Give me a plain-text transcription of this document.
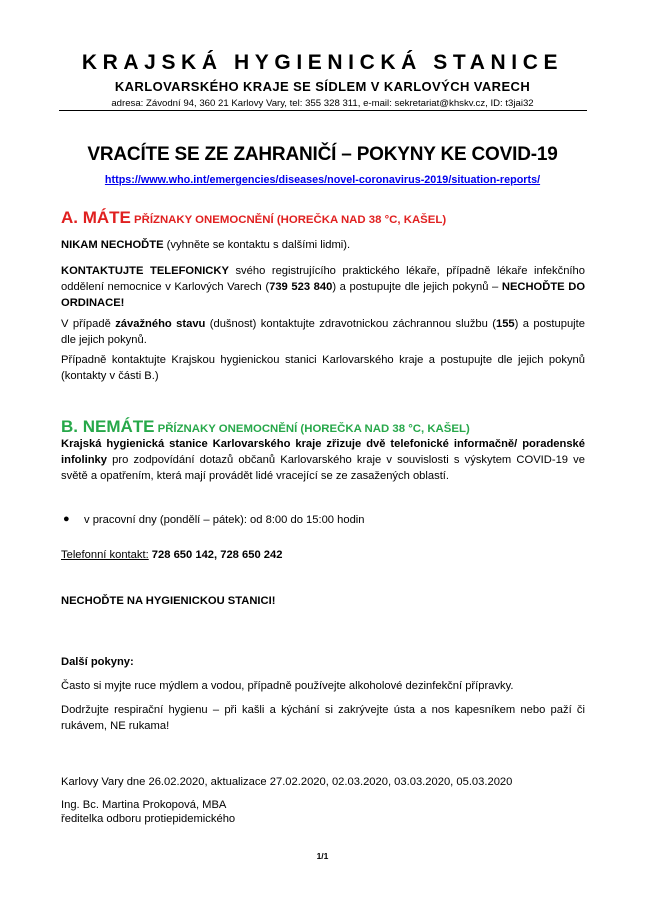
KRAJSKÁ HYGIENICKÁ STANICE
KARLOVARSKÉHO KRAJE SE SÍDLEM V KARLOVÝCH VARECH
adresa: Závodní 94, 360 21 Karlovy Vary, tel: 355 328 311, e-mail: sekretariat@khskv.cz, ID: t3jai32
VRACÍTE SE ZE ZAHRANIČÍ – POKYNY KE COVID-19
https://www.who.int/emergencies/diseases/novel-coronavirus-2019/situation-reports/
A. MÁTE PŘÍZNAKY ONEMOCNĚNÍ (HOREČKA NAD 38 °C, KAŠEL)
NIKAM NECHOĎTE (vyhněte se kontaktu s dalšími lidmi).
KONTAKTUJTE TELEFONICKY svého registrujícího praktického lékaře, případně lékaře infekčního oddělení nemocnice v Karlových Varech (739 523 840) a postupujte dle jejich pokynů – NECHOĎTE DO ORDINACE!
V případě závažného stavu (dušnost) kontaktujte zdravotnickou záchrannou službu (155) a postupujte dle jejich pokynů.
Případně kontaktujte Krajskou hygienickou stanici Karlovarského kraje a postupujte dle jejich pokynů (kontakty v části B.)
B. NEMÁTE PŘÍZNAKY ONEMOCNĚNÍ (HOREČKA NAD 38 °C, KAŠEL)
Krajská hygienická stanice Karlovarského kraje zřizuje dvě telefonické informačně/ poradenské infolinky pro zodpovídání dotazů občanů Karlovarského kraje v souvislosti s výskytem COVID-19 ve světě a opatřením, která mají provádět lidé vracející se ze zasažených oblastí.
● v pracovní dny (pondělí – pátek): od 8:00 do 15:00 hodin
Telefonní kontakt: 728 650 142, 728 650 242
NECHOĎTE NA HYGIENICKOU STANICI!
Další pokyny:
Často si myjte ruce mýdlem a vodou, případně používejte alkoholové dezinfekční přípravky.
Dodržujte respirační hygienu – při kašli a kýchání si zakrývejte ústa a nos kapesníkem nebo paží či rukávem, NE rukama!
Karlovy Vary dne 26.02.2020, aktualizace 27.02.2020, 02.03.2020, 03.03.2020, 05.03.2020
Ing. Bc. Martina Prokopová, MBA
ředitelka odboru protiepidemického
1/1
